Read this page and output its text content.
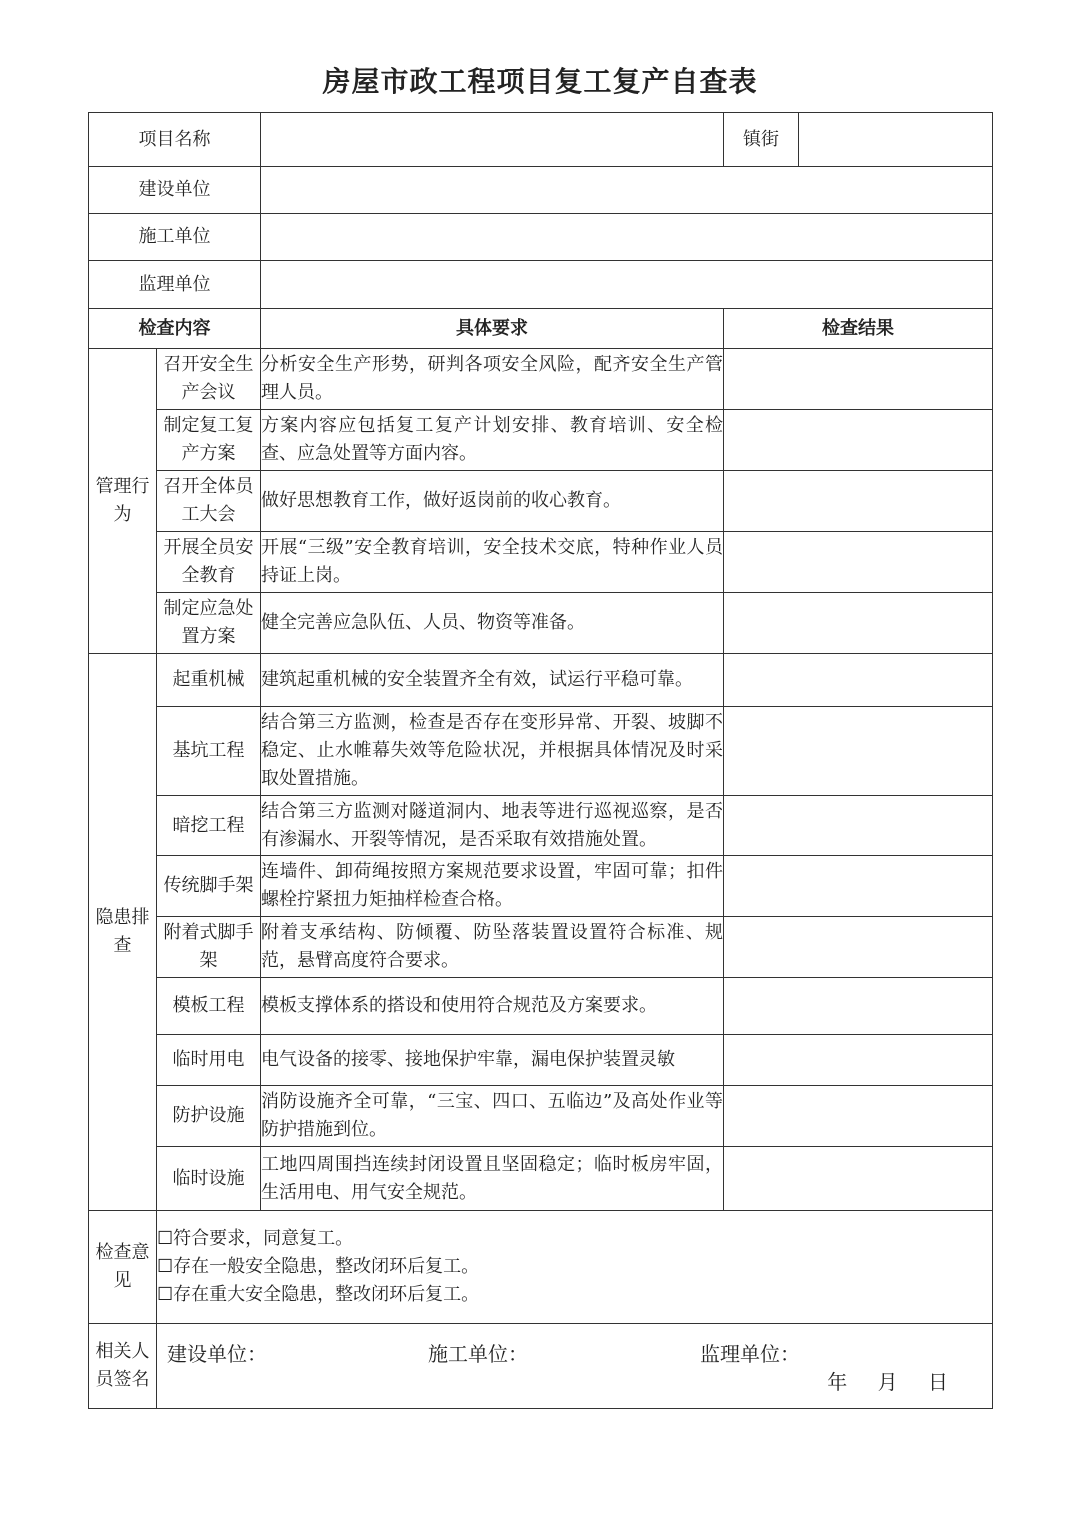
房屋市政工程项目复工复产自查表
项目名称			镇街	
建设单位				
施工单位				
监理单位				
检查内容		具体要求	检查结果	
管理行为	召开安全生产会议	分析安全生产形势，研判各项安全风险，配齐安全生产管理人员。		
	制定复工复产方案	方案内容应包括复工复产计划安排、教育培训、安全检查、应急处置等方面内容。		
	召开全体员工大会	做好思想教育工作，做好返岗前的收心教育。		
	开展全员安全教育	开展“三级”安全教育培训，安全技术交底，特种作业人员持证上岗。		
	制定应急处置方案	健全完善应急队伍、人员、物资等准备。		
隐患排查	起重机械	建筑起重机械的安全装置齐全有效，试运行平稳可靠。		
	基坑工程	结合第三方监测，检查是否存在变形异常、开裂、坡脚不稳定、止水帷幕失效等危险状况，并根据具体情况及时采取处置措施。		
	暗挖工程	结合第三方监测对隧道洞内、地表等进行巡视巡察，是否有渗漏水、开裂等情况，是否采取有效措施处置。		
	传统脚手架	连墙件、卸荷绳按照方案规范要求设置，牢固可靠；扣件螺栓拧紧扭力矩抽样检查合格。		
	附着式脚手架	附着支承结构、防倾覆、防坠落装置设置符合标准、规范，悬臂高度符合要求。		
	模板工程	模板支撑体系的搭设和使用符合规范及方案要求。		
	临时用电	电气设备的接零、接地保护牢靠，漏电保护装置灵敏		
	防护设施	消防设施齐全可靠，“三宝、四口、五临边”及高处作业等防护措施到位。		
	临时设施	工地四周围挡连续封闭设置且坚固稳定；临时板房牢固，生活用电、用气安全规范。		
检查意见	☐符合要求，同意复工。
☐存在一般安全隐患，整改闭环后复工。
☐存在重大安全隐患，整改闭环后复工。			

相关人员签名	建设单位： 施工单位： 监理单位：
年 月 日			
